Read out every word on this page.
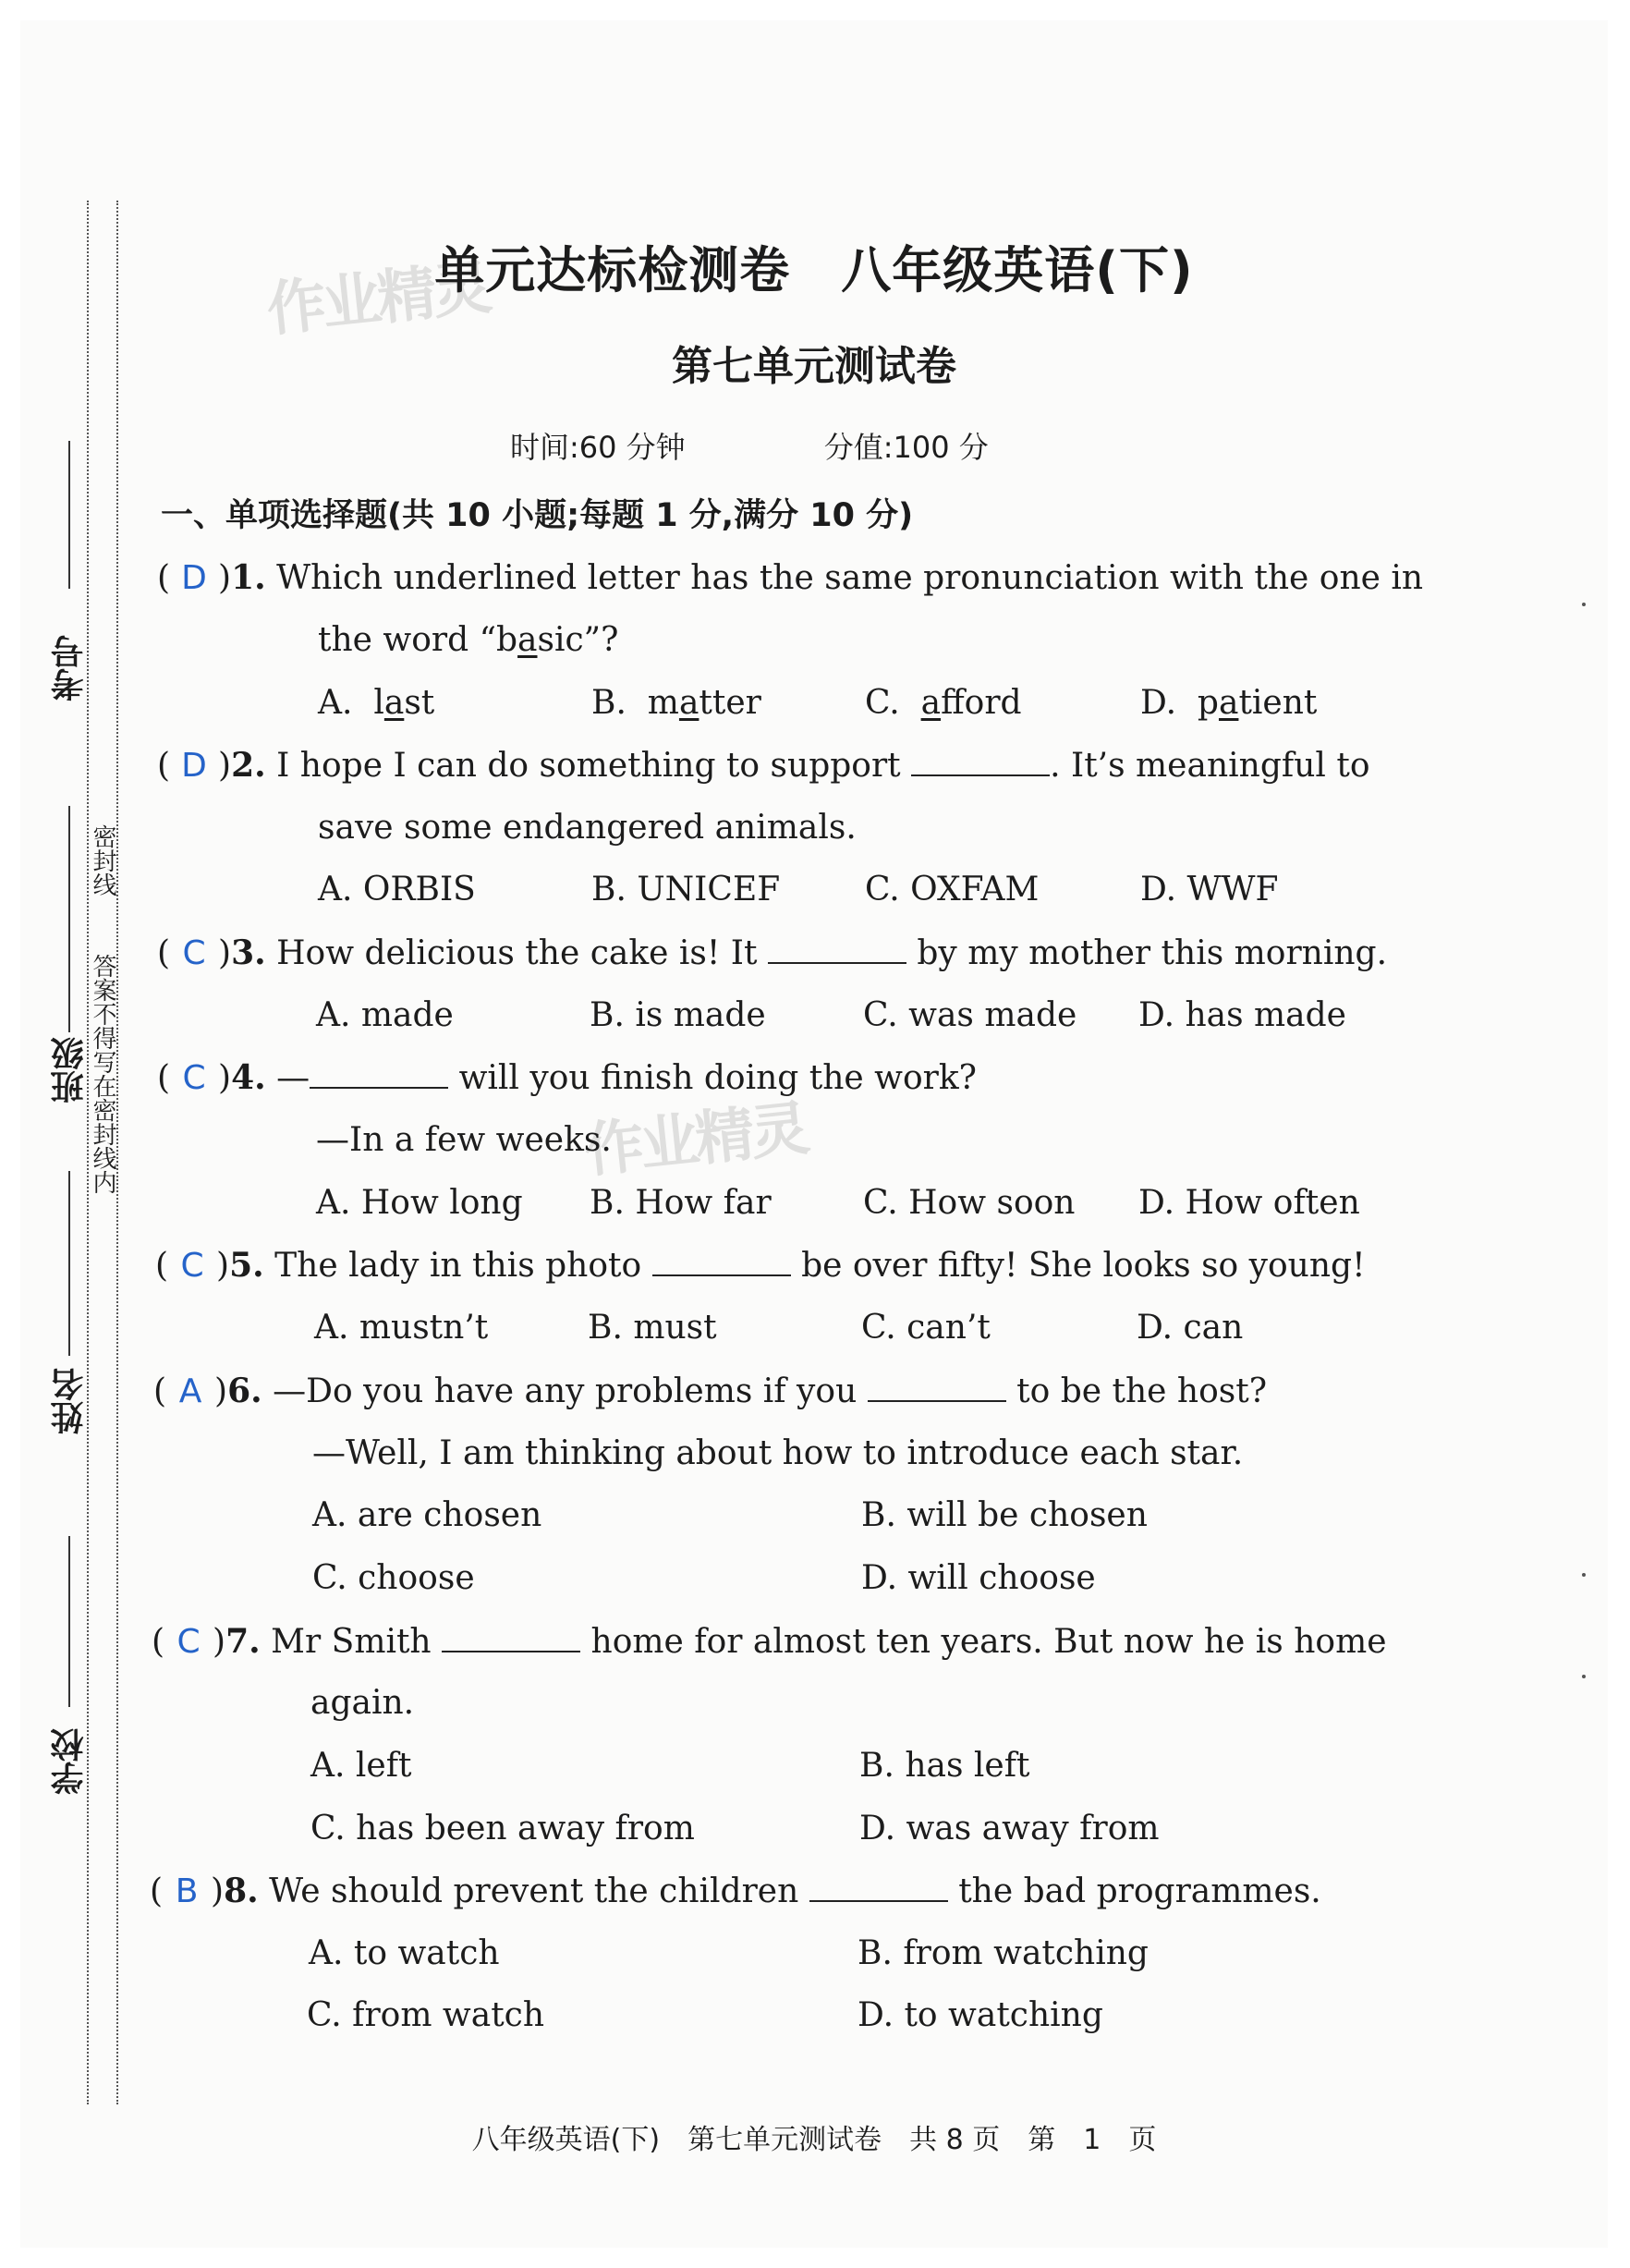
考号
班级
姓名
学校
密封线
答案不得写在密封线内
作业精灵
作业精灵
单元达标检测卷　八年级英语(下)
第七单元测试卷
时间:60 分钟	分值:100 分
一、单项选择题(共 10 小题;每题 1 分,满分 10 分)
( D )1. Which underlined letter has the same pronunciation with the one in
the word “basic”?
A. last	B. matter	C. afford	D. patient
( D )2. I hope I can do something to support	. It’s meaningful to
save some endangered animals.
A. ORBIS	B. UNICEF	C. OXFAM	D. WWF
( C )3. How delicious the cake is! It	by my mother this morning.
A. made	B. is made	C. was made D. has made
( C )4. —	will you finish doing the work?
—In a few weeks.
A. How long B. How far	C. How soon D. How often
( C )5. The lady in this photo	be over fifty! She looks so young!
A. mustn’t	B. must	C. can’t	D. can
( A )6. —Do you have any problems if you	to be the host?
—Well, I am thinking about how to introduce each star.
A. are chosen	B. will be chosen
C. choose	D. will choose
( C )7. Mr Smith	home for almost ten years. But now he is home
again.
A. left	B. has left
C. has been away from	D. was away from
( B )8. We should prevent the children	the bad programmes.
A. to watch	B. from watching
C. from watch	D. to watching
八年级英语(下)　第七单元测试卷　共 8 页　第　1　页
